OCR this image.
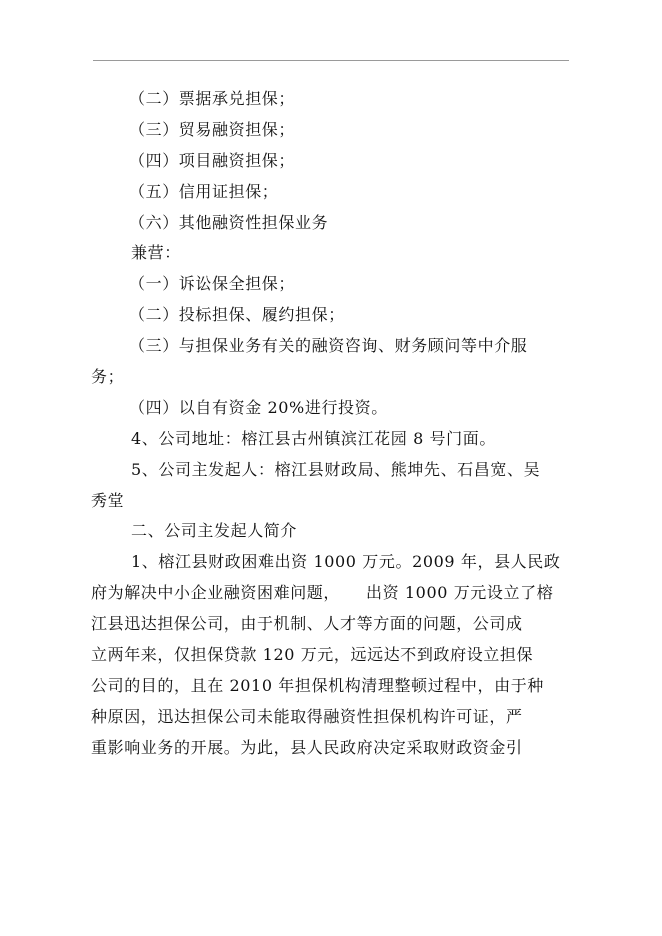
（二）票据承兑担保；
（三）贸易融资担保；
（四）项目融资担保；
（五）信用证担保；
（六）其他融资性担保业务
兼营：
（一）诉讼保全担保；
（二）投标担保、履约担保；
（三）与担保业务有关的融资咨询、财务顾问等中介服
务；
（四）以自有资金 20%进行投资。
4、公司地址：榕江县古州镇滨江花园 8 号门面。
5、公司主发起人：榕江县财政局、熊坤先、石昌宽、吴
秀堂
二、公司主发起人简介
1、榕江县财政困难出资 1000 万元。2009 年，县人民政
府为解决中小企业融资困难问题， 出资 1000 万元设立了榕
江县迅达担保公司，由于机制、人才等方面的问题，公司成
立两年来，仅担保贷款 120 万元，远远达不到政府设立担保
公司的目的，且在 2010 年担保机构清理整顿过程中，由于种
种原因，迅达担保公司未能取得融资性担保机构许可证，严
重影响业务的开展。为此，县人民政府决定采取财政资金引
